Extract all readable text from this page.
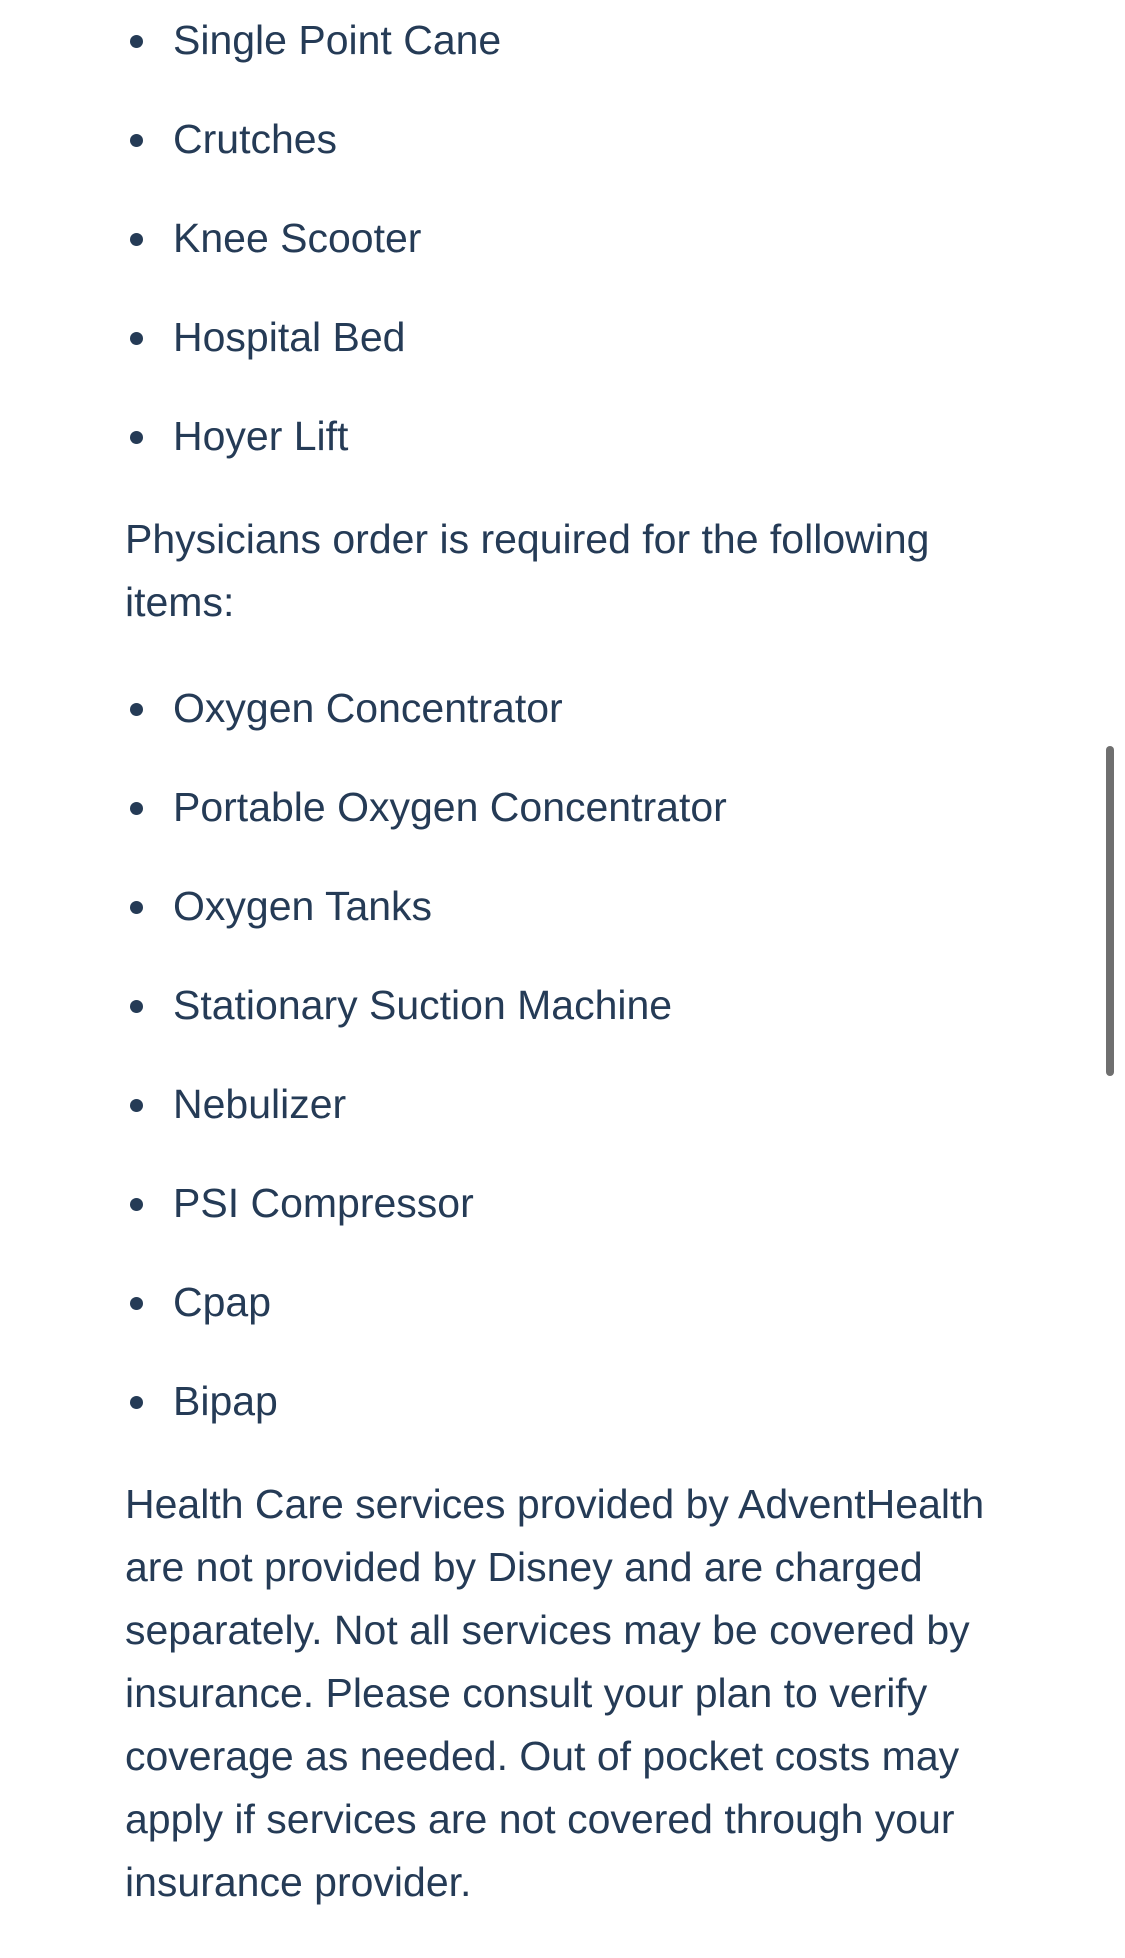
Single Point Cane
Crutches
Knee Scooter
Hospital Bed
Hoyer Lift

Physicians order is required for the following items:

Oxygen Concentrator
Portable Oxygen Concentrator
Oxygen Tanks
Stationary Suction Machine
Nebulizer
PSI Compressor
Cpap
Bipap

Health Care services provided by AdventHealth are not provided by Disney and are charged separately. Not all services may be covered by insurance. Please consult your plan to verify coverage as needed. Out of pocket costs may apply if services are not covered through your insurance provider.
